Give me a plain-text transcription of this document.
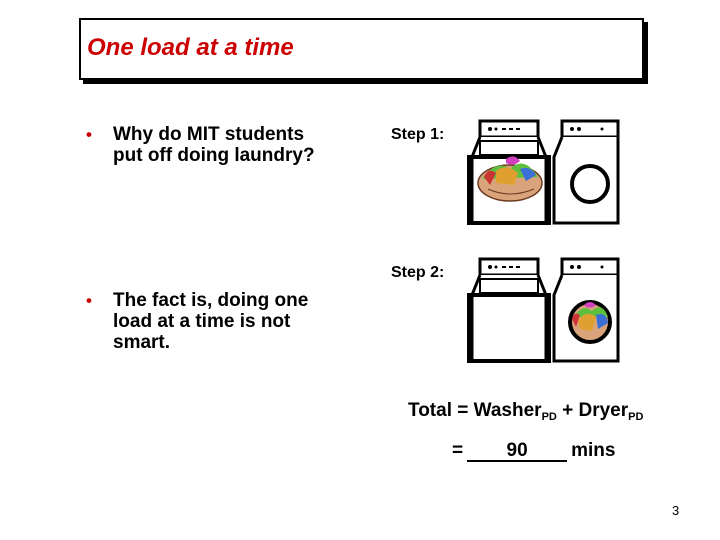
One load at a time
• Why do MIT students put off doing laundry?
• The fact is, doing one load at a time is not smart.
Step 1:
Step 2:
Total = Washer$_{PD}$ + Dryer$_{PD}$
= 90 mins
3
